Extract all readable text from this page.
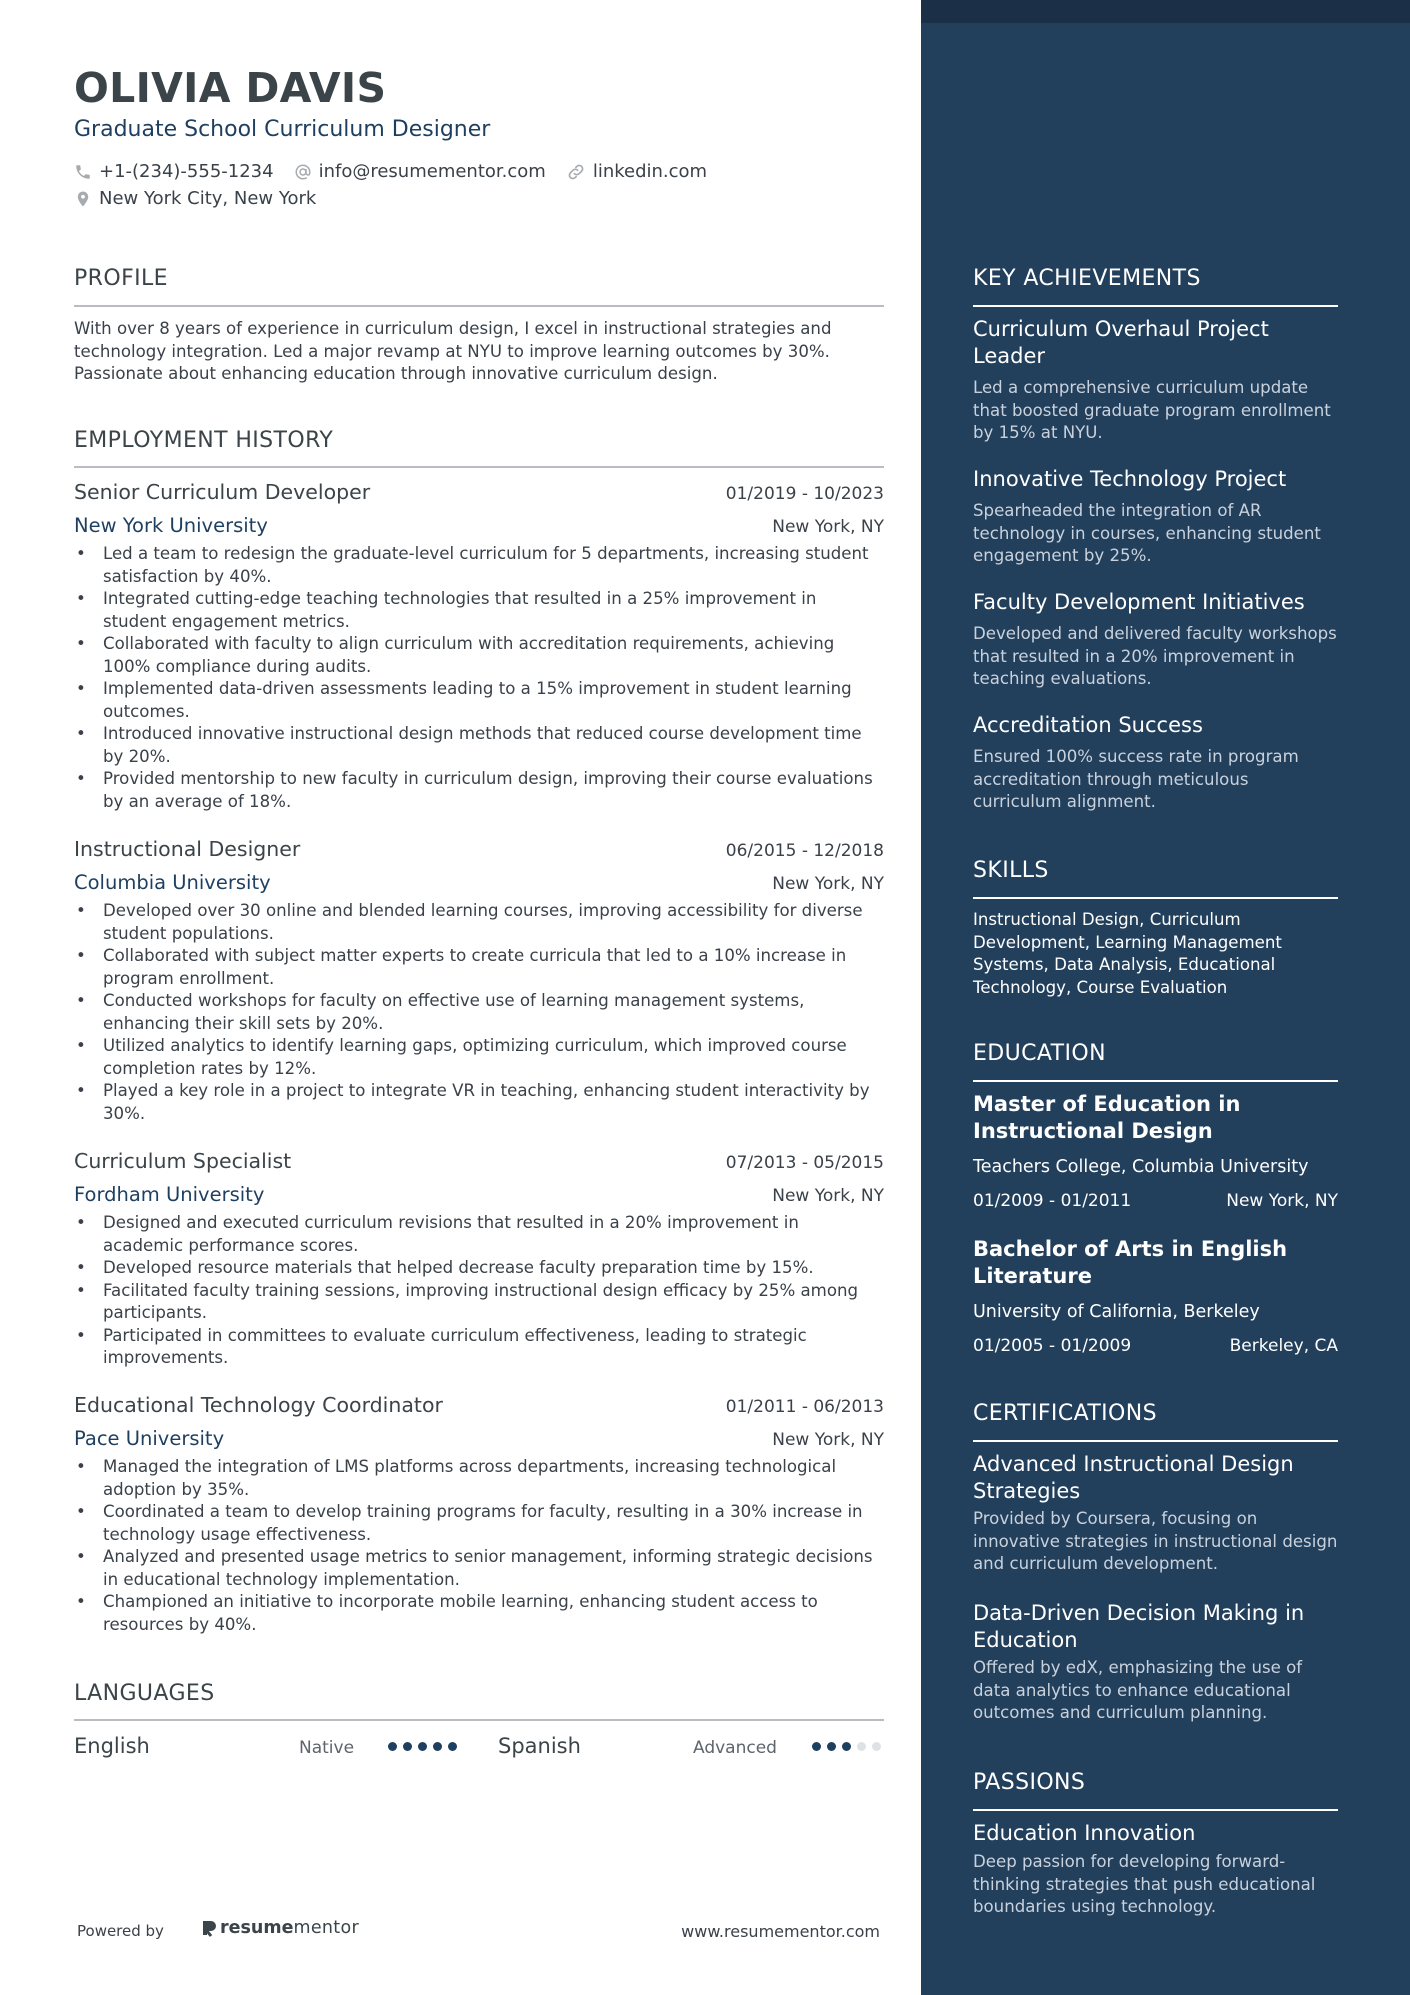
OLIVIA DAVIS
Graduate School Curriculum Designer
+1-(234)-555-1234	info@resumementor.com	linkedin.com
New York City, New York
PROFILE
With over 8 years of experience in curriculum design, I excel in instructional strategies and technology integration. Led a major revamp at NYU to improve learning outcomes by 30%. Passionate about enhancing education through innovative curriculum design.
EMPLOYMENT HISTORY
Senior Curriculum Developer	01/2019 - 10/2023
New York University	New York, NY
• Led a team to redesign the graduate-level curriculum for 5 departments, increasing student satisfaction by 40%.
• Integrated cutting-edge teaching technologies that resulted in a 25% improvement in student engagement metrics.
• Collaborated with faculty to align curriculum with accreditation requirements, achieving 100% compliance during audits.
• Implemented data-driven assessments leading to a 15% improvement in student learning outcomes.
• Introduced innovative instructional design methods that reduced course development time by 20%.
• Provided mentorship to new faculty in curriculum design, improving their course evaluations by an average of 18%.
Instructional Designer	06/2015 - 12/2018
Columbia University	New York, NY
• Developed over 30 online and blended learning courses, improving accessibility for diverse student populations.
• Collaborated with subject matter experts to create curricula that led to a 10% increase in program enrollment.
• Conducted workshops for faculty on effective use of learning management systems, enhancing their skill sets by 20%.
• Utilized analytics to identify learning gaps, optimizing curriculum, which improved course completion rates by 12%.
• Played a key role in a project to integrate VR in teaching, enhancing student interactivity by 30%.
Curriculum Specialist	07/2013 - 05/2015
Fordham University	New York, NY
• Designed and executed curriculum revisions that resulted in a 20% improvement in academic performance scores.
• Developed resource materials that helped decrease faculty preparation time by 15%.
• Facilitated faculty training sessions, improving instructional design efficacy by 25% among participants.
• Participated in committees to evaluate curriculum effectiveness, leading to strategic improvements.
Educational Technology Coordinator	01/2011 - 06/2013
Pace University	New York, NY
• Managed the integration of LMS platforms across departments, increasing technological adoption by 35%.
• Coordinated a team to develop training programs for faculty, resulting in a 30% increase in technology usage effectiveness.
• Analyzed and presented usage metrics to senior management, informing strategic decisions in educational technology implementation.
• Championed an initiative to incorporate mobile learning, enhancing student access to resources by 40%.
LANGUAGES
English	Native	Spanish	Advanced
Powered by	resume mentor	www.resumementor.com
KEY ACHIEVEMENTS
Curriculum Overhaul Project Leader
Led a comprehensive curriculum update that boosted graduate program enrollment by 15% at NYU.
Innovative Technology Project
Spearheaded the integration of AR technology in courses, enhancing student engagement by 25%.
Faculty Development Initiatives
Developed and delivered faculty workshops that resulted in a 20% improvement in teaching evaluations.
Accreditation Success
Ensured 100% success rate in program accreditation through meticulous curriculum alignment.
SKILLS
Instructional Design, Curriculum Development, Learning Management Systems, Data Analysis, Educational Technology, Course Evaluation
EDUCATION
Master of Education in Instructional Design
Teachers College, Columbia University
01/2009 - 01/2011	New York, NY
Bachelor of Arts in English Literature
University of California, Berkeley
01/2005 - 01/2009	Berkeley, CA
CERTIFICATIONS
Advanced Instructional Design Strategies
Provided by Coursera, focusing on innovative strategies in instructional design and curriculum development.
Data-Driven Decision Making in Education
Offered by edX, emphasizing the use of data analytics to enhance educational outcomes and curriculum planning.
PASSIONS
Education Innovation
Deep passion for developing forward-thinking strategies that push educational boundaries using technology.
